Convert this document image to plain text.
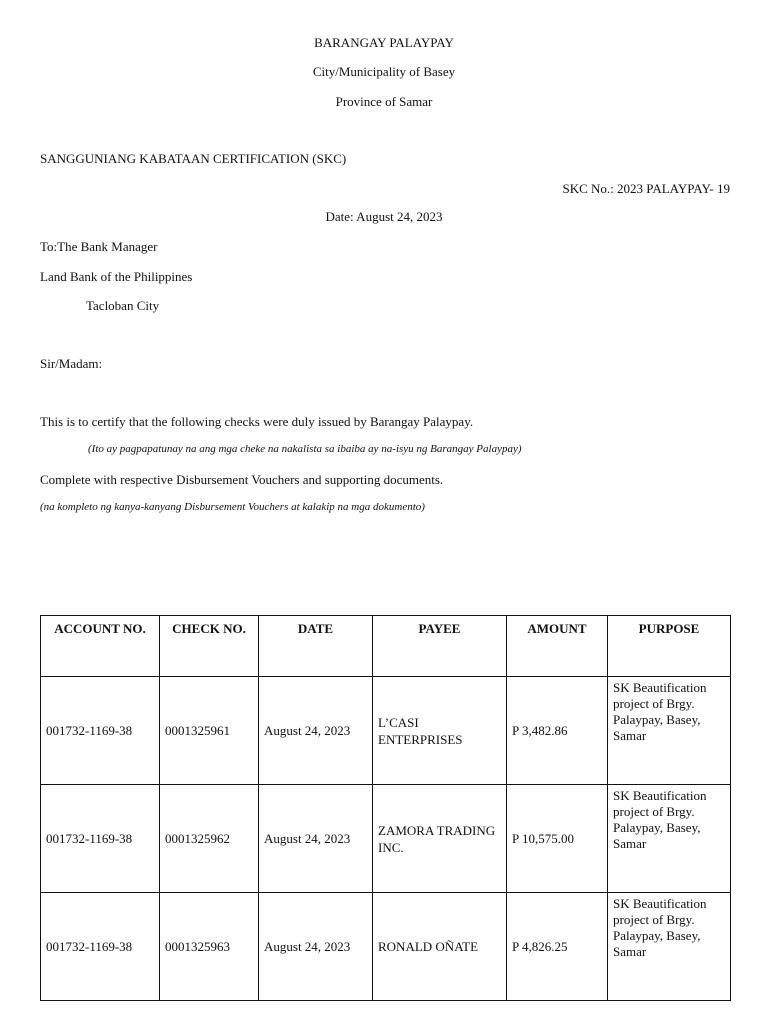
BARANGAY PALAYPAY
City/Municipality of Basey
Province of Samar
SANGGUNIANG KABATAAN CERTIFICATION (SKC)
SKC No.: 2023 PALAYPAY- 19
Date: August 24, 2023
To:The Bank Manager
Land Bank of the Philippines
Tacloban City
Sir/Madam:
This is to certify that the following checks were duly issued by Barangay Palaypay.
(Ito ay pagpapatunay na ang mga cheke na nakalista sa ibaiba ay na-isyu ng Barangay Palaypay)
Complete with respective Disbursement Vouchers and supporting documents.
(na kompleto ng kanya-kanyang Disbursement Vouchers at kalakip na mga dokumento)
ACCOUNT NO.	CHECK NO.	DATE	PAYEE	AMOUNT	PURPOSE
001732-1169-38	0001325961	August 24, 2023	L’CASI ENTERPRISES	P 3,482.86	SK Beautification project of Brgy. Palaypay, Basey, Samar
001732-1169-38	0001325962	August 24, 2023	ZAMORA TRADING INC.	P 10,575.00	SK Beautification project of Brgy. Palaypay, Basey, Samar
001732-1169-38	0001325963	August 24, 2023	RONALD OÑATE	P 4,826.25	SK Beautification project of Brgy. Palaypay, Basey, Samar
